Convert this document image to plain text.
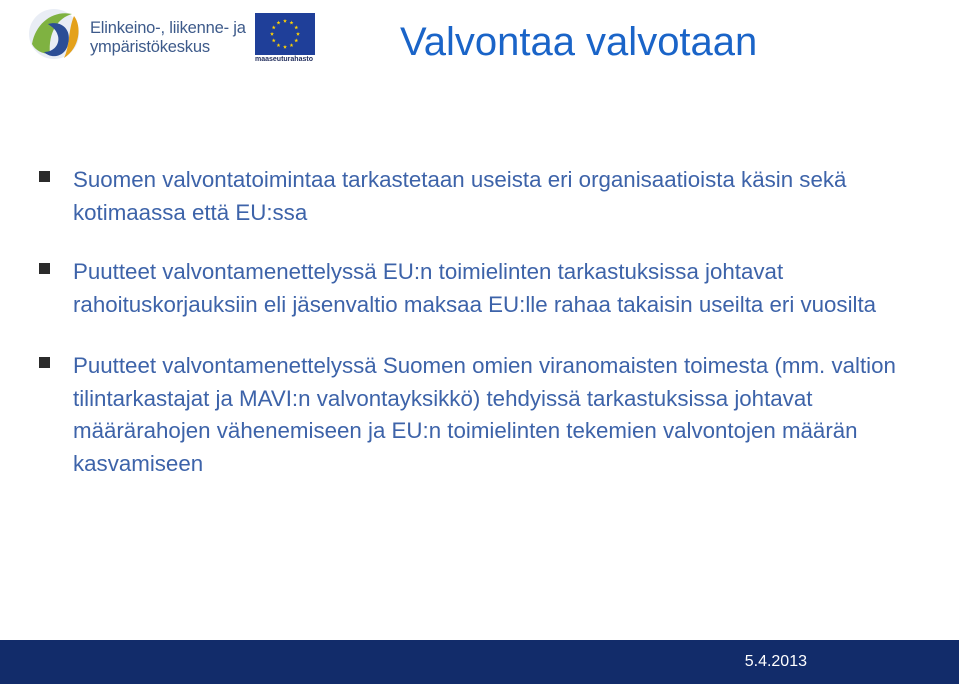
Elinkeino-, liikenne- ja
ympäristökeskus
maaseuturahasto Valvontaa valvotaan
Suomen valvontatoimintaa tarkastetaan useista eri organisaatioista käsin sekä kotimaassa että EU:ssa
Puutteet valvontamenettelyssä EU:n toimielinten tarkastuksissa johtavat rahoituskorjauksiin eli jäsenvaltio maksaa EU:lle rahaa takaisin useilta eri vuosilta
Puutteet valvontamenettelyssä Suomen omien viranomaisten toimesta (mm. valtion tilintarkastajat ja MAVI:n valvontayksikkö) tehdyissä tarkastuksissa johtavat määrärahojen vähenemiseen ja EU:n toimielinten tekemien valvontojen määrän kasvamiseen
5.4.2013
